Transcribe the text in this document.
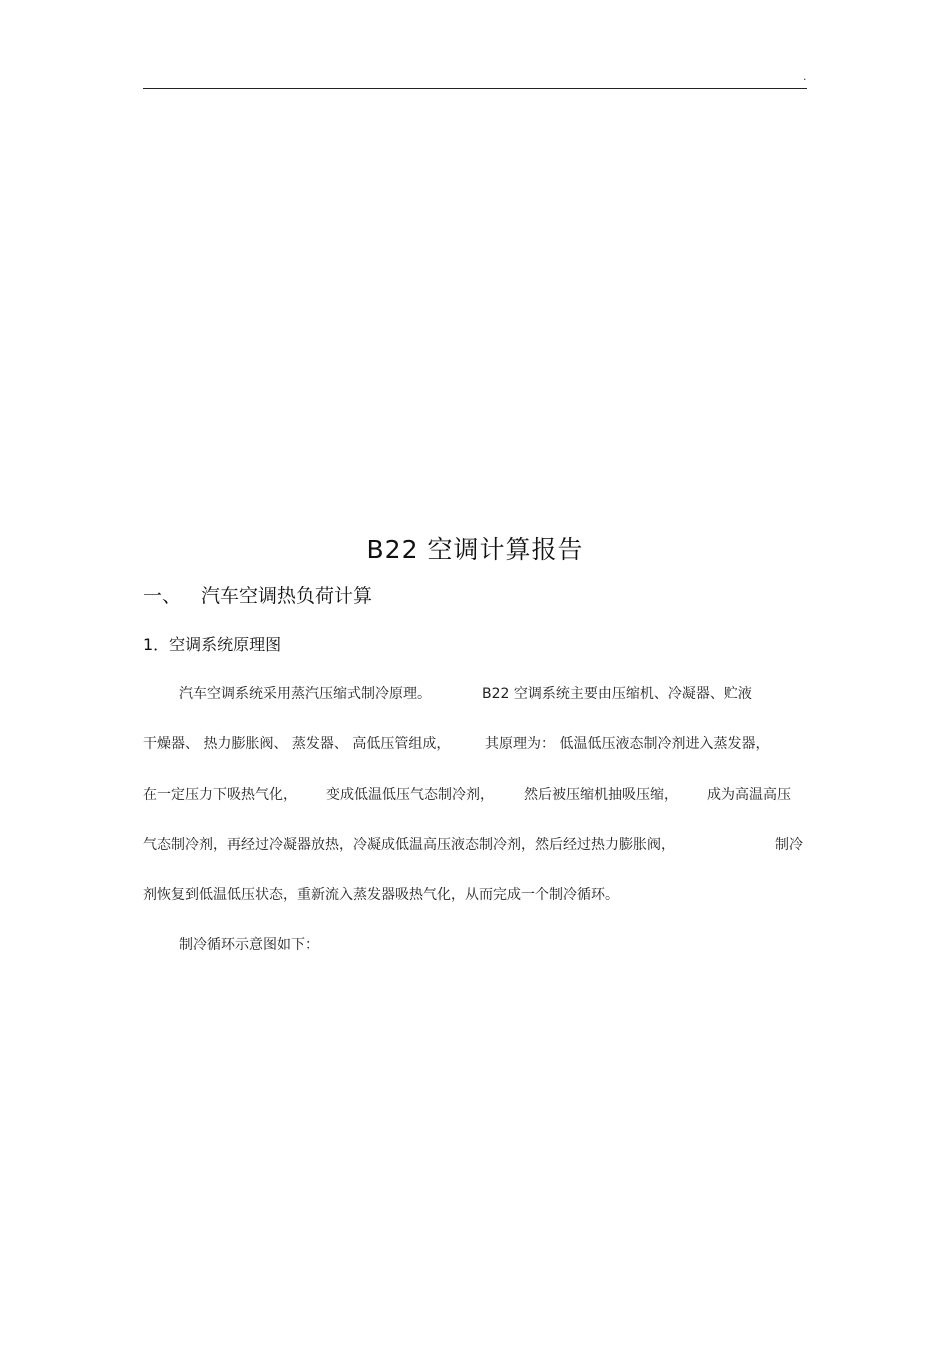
.
B22 空调计算报告
一、 汽车空调热负荷计算
1．空调系统原理图
汽车空调系统采用蒸汽压缩式制冷原理。	B22 空调系统主要由压缩机、冷凝器、贮液
干燥器、 热力膨胀阀、 蒸发器、 高低压管组成， 其原理为： 低温低压液态制冷剂进入蒸发器，
在一定压力下吸热气化， 变成低温低压气态制冷剂， 然后被压缩机抽吸压缩， 成为高温高压
气态制冷剂，再经过冷凝器放热，冷凝成低温高压液态制冷剂，然后经过热力膨胀阀，	制冷
剂恢复到低温低压状态，重新流入蒸发器吸热气化，从而完成一个制冷循环。
制冷循环示意图如下：
